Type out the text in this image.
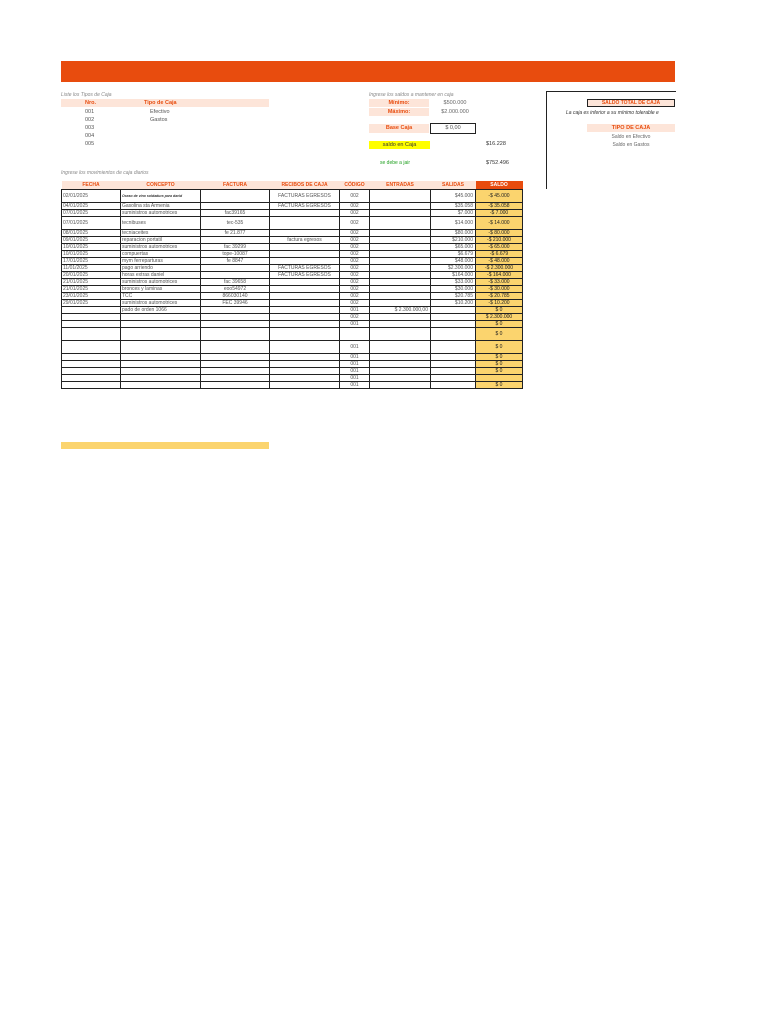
Liste los Tipos de Caja	Ingrese los saldos a mantener en caja
Ingrese los movimientos de caja diarios
Nro.	Tipo de Caja
001	Efectivo
002	Gastos
003
004
005
Mínimo:	$500.000
Máximo:	$2.000.000
Base Caja	$ 0,00
saldo en Caja	$16.228
se debe a jair	$752.496
SALDO TOTAL DE CAJA
La caja es inferior a su mínimo tolerable e
TIPO DE CAJA
Saldo en Efectivo
Saldo en Gastos
FECHA	CONCEPTO	FACTURA	RECIBOS DE CAJA	CÓDIGO	ENTRADAS	SALIDAS	SALDO
02/01/2025	Ocaso de vino soldadura para david		FACTURAS EGRESOS	002		$45.000	-$ 45.000
04/01/2025	Gasolina sta Armenia		FACTURAS EGRESOS	002		$35.058	-$ 35.058
07/01/2025	suministros automotrices	fac39165		002		$7.000	-$ 7.000
07/01/2025	tecnibuses	tec-535		002		$14.000	-$ 14.000
08/01/2025	tecniaceites	fe 21.877		002		$80.000	-$ 80.000
09/01/2025	reparacion portatil		factura egresos	002		$210.000	-$ 210.000
10/01/2025	suministros automotrices	fac 39299		002		$65.000	-$ 65.000
10/01/2025	compuertas	tope-10087		002		$6.679	-$ 6.679
17/01/2025	mym ferreparturas	fe 8847		002		$48.000	-$ 48.000
11/01/2025	pago arriendo		FACTURAS EGRESOS	002		$2.300.000	-$ 2.300.000
20/01/2025	horas extras daniel		FACTURAS EGRESOS	002		$164.000	-$ 164.000
21/01/2025	suministros automotrices	fac 39658		002		$33.000	-$ 33.000
21/01/2025	bronces y laminas	eoo54972		002		$30.000	-$ 30.000
23/01/2025	TCC	866030140		002		$20.785	-$ 20.785
29/01/2025	suministros automotrices	FEC 39946		002		$10.200	-$ 10.200
	pado de orden 1066			001	$ 2.300.000,00		$ 0
				002			$ 2.300.000
				001			$ 0
							$ 0
				001			$ 0
				001			$ 0
				001			$ 0
				001			$ 0
				001			
				001			$ 0
